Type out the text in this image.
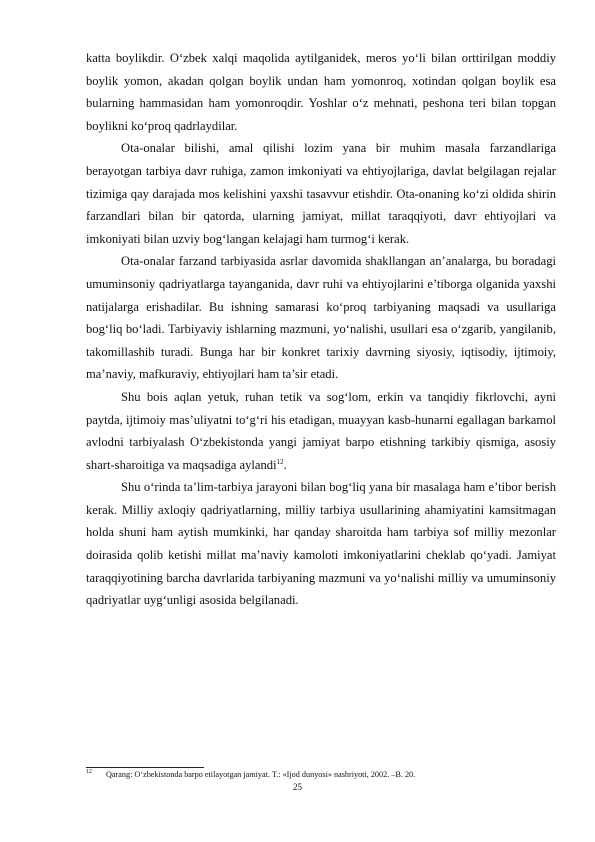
katta boylikdir. O‘zbek xalqi maqolida aytilganidek, meros yo‘li bilan orttirilgan moddiy boylik yomon, akadan qolgan boylik undan ham yomonroq, xotindan qolgan boylik esa bularning hammasidan ham yomonroqdir. Yoshlar o‘z mehnati, peshona teri bilan topgan boylikni ko‘proq qadrlaydilar.

Ota-onalar bilishi, amal qilishi lozim yana bir muhim masala farzandlariga berayotgan tarbiya davr ruhiga, zamon imkoniyati va ehtiyojlariga, davlat belgilagan rejalar tizimiga qay darajada mos kelishini yaxshi tasavvur etishdir. Ota-onaning ko‘zi oldida shirin farzandlari bilan bir qatorda, ularning jamiyat, millat taraqqiyoti, davr ehtiyojlari va imkoniyati bilan uzviy bog‘langan kelajagi ham turmog‘i kerak.

Ota-onalar farzand tarbiyasida asrlar davomida shakllangan an’analarga, bu boradagi umuminsoniy qadriyatlarga tayanganida, davr ruhi va ehtiyojlarini e’tiborga olganida yaxshi natijalarga erishadilar. Bu ishning samarasi ko‘proq tarbiyaning maqsadi va usullariga bog‘liq bo‘ladi. Tarbiyaviy ishlarning mazmuni, yo‘nalishi, usullari esa o‘zgarib, yangilanib, takomillashib turadi. Bunga har bir konkret tarixiy davrning siyosiy, iqtisodiy, ijtimoiy, ma’naviy, mafkuraviy, ehtiyojlari ham ta’sir etadi.

Shu bois aqlan yetuk, ruhan tetik va sog‘lom, erkin va tanqidiy fikrlovchi, ayni paytda, ijtimoiy mas’uliyatni to‘g‘ri his etadigan, muayyan kasb-hunarni egallagan barkamol avlodni tarbiyalash O‘zbekistonda yangi jamiyat barpo etishning tarkibiy qismiga, asosiy shart-sharoitiga va maqsadiga aylandi$^{12}$.

Shu o‘rinda ta’lim-tarbiya jarayoni bilan bog‘liq yana bir masalaga ham e’tibor berish kerak. Milliy axloqiy qadriyatlarning, milliy tarbiya usullarining ahamiyatini kamsitmagan holda shuni ham aytish mumkinki, har qanday sharoitda ham tarbiya sof milliy mezonlar doirasida qolib ketishi millat ma’naviy kamoloti imkoniyatlarini cheklab qo‘yadi. Jamiyat taraqqiyotining barcha davrlarida tarbiyaning mazmuni va yo‘nalishi milliy va umuminsoniy qadriyatlar uyg‘unligi asosida belgilanadi.

12 Qarang: O‘zbekistonda barpo etilayotgan jamiyat. T.: «Ijod dunyosi» nashriyoti, 2002. –B. 20.
25
